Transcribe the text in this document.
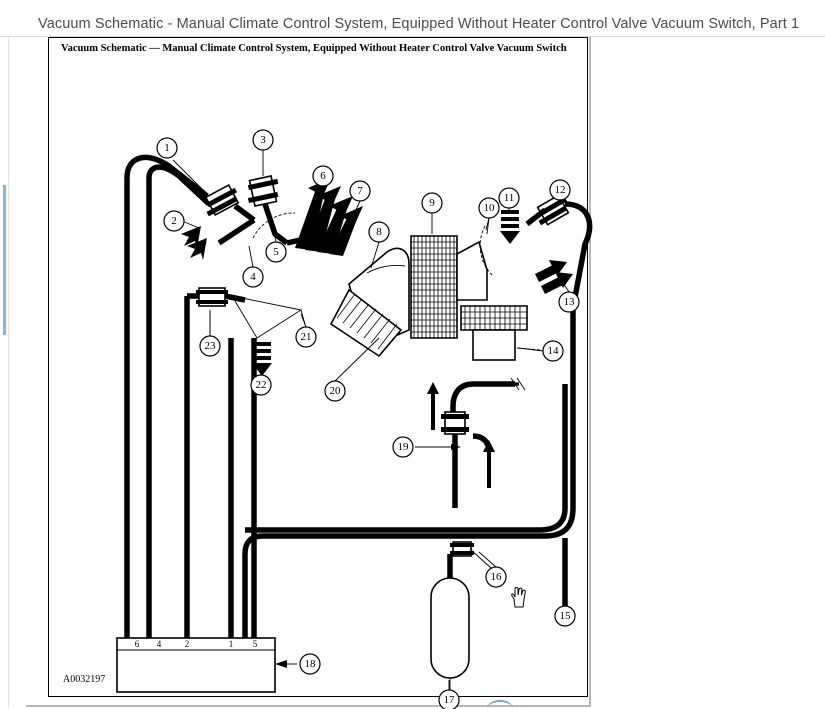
Vacuum Schematic - Manual Climate Control System, Equipped Without Heater Control Valve Vacuum Switch, Part 1
Vacuum Schematic — Manual Climate Control System, Equipped Without Heater Control Valve Vacuum Switch
6 4	2	1 5
1
2
3
4
5
6
7
8
9	10
11
12
13
14
15
16
17
18
19
20
21
22
23
A0032197
